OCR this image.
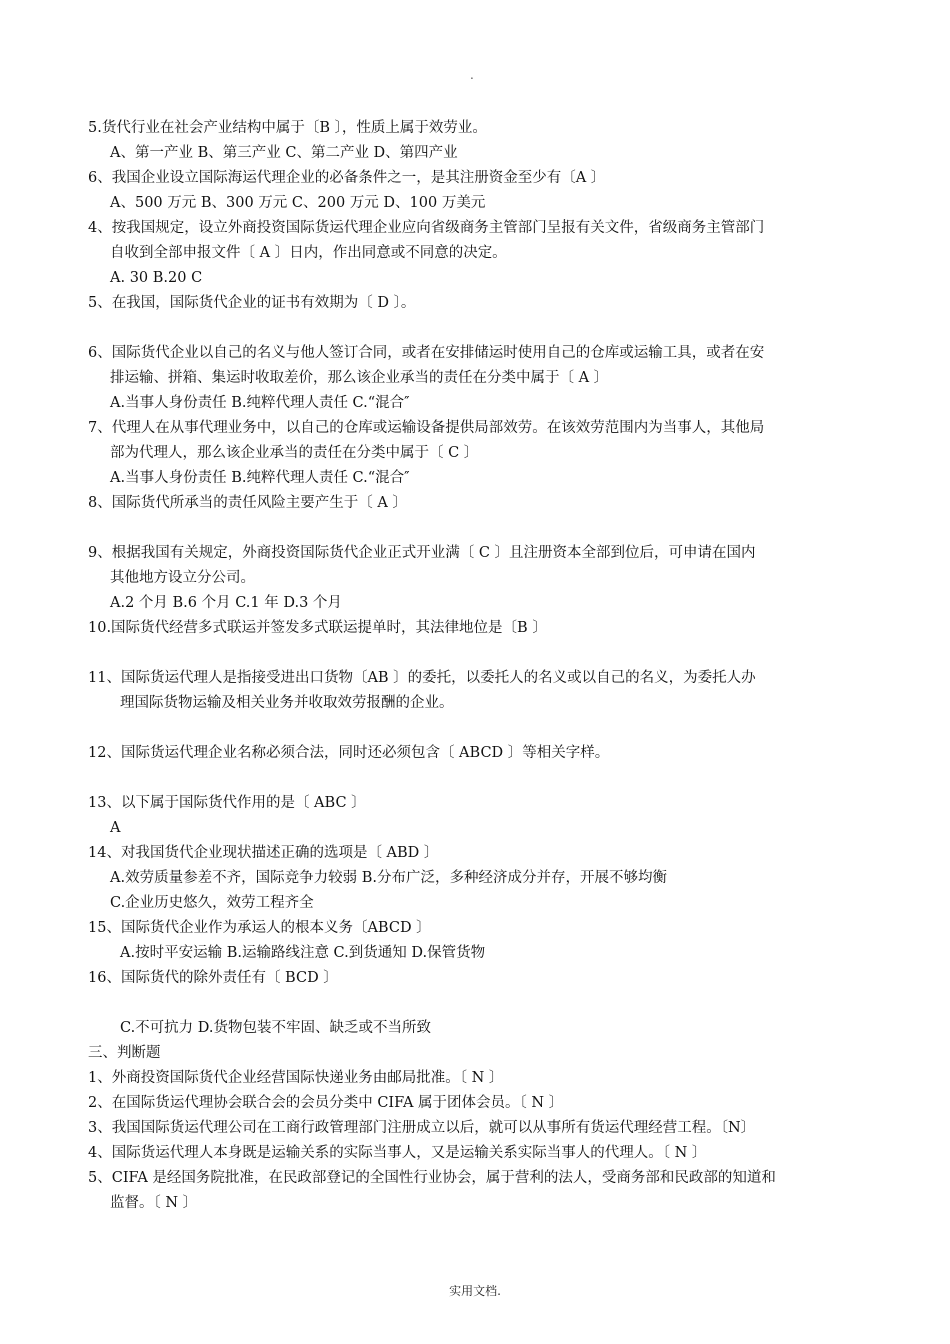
.
5.货代行业在社会产业结构中属于〔B 〕，性质上属于效劳业。
A、第一产业 B、第三产业 C、第二产业 D、第四产业
6、我国企业设立国际海运代理企业的必备条件之一，是其注册资金至少有〔A 〕
A、500 万元 B、300 万元 C、200 万元 D、100 万美元
4、按我国规定，设立外商投资国际货运代理企业应向省级商务主管部门呈报有关文件，省级商务主管部门
自收到全部申报文件〔 A 〕日内，作出同意或不同意的决定。
A. 30 B.20 C
5、在我国，国际货代企业的证书有效期为〔 D 〕。
6、国际货代企业以自己的名义与他人签订合同，或者在安排储运时使用自己的仓库或运输工具，或者在安
排运输、拼箱、集运时收取差价，那么该企业承当的责任在分类中属于〔 A 〕
A.当事人身份责任 B.纯粹代理人责任 C.“混合″
7、代理人在从事代理业务中，以自己的仓库或运输设备提供局部效劳。在该效劳范围内为当事人，其他局
部为代理人，那么该企业承当的责任在分类中属于〔 C 〕
A.当事人身份责任 B.纯粹代理人责任 C.“混合″
8、国际货代所承当的责任风险主要产生于〔 A 〕
9、根据我国有关规定，外商投资国际货代企业正式开业满〔 C 〕且注册资本全部到位后，可申请在国内
其他地方设立分公司。
A.2 个月 B.6 个月 C.1 年 D.3 个月
10.国际货代经营多式联运并签发多式联运提单时，其法律地位是〔B 〕
11、国际货运代理人是指接受进出口货物〔AB 〕的委托，以委托人的名义或以自己的名义，为委托人办
理国际货物运输及相关业务并收取效劳报酬的企业。
12、国际货运代理企业名称必须合法，同时还必须包含〔 ABCD 〕等相关字样。
13、以下属于国际货代作用的是〔 ABC 〕
A
14、对我国货代企业现状描述正确的选项是〔 ABD 〕
A.效劳质量参差不齐，国际竞争力较弱 B.分布广泛，多种经济成分并存，开展不够均衡
C.企业历史悠久，效劳工程齐全
15、国际货代企业作为承运人的根本义务〔ABCD 〕
A.按时平安运输 B.运输路线注意 C.到货通知 D.保管货物
16、国际货代的除外责任有〔 BCD 〕
C.不可抗力 D.货物包装不牢固、缺乏或不当所致
三、判断题
1、外商投资国际货代企业经营国际快递业务由邮局批准。〔 N 〕
2、在国际货运代理协会联合会的会员分类中 CIFA 属于团体会员。〔 N 〕
3、我国国际货运代理公司在工商行政管理部门注册成立以后，就可以从事所有货运代理经营工程。〔N〕
4、国际货运代理人本身既是运输关系的实际当事人，又是运输关系实际当事人的代理人。〔 N 〕
5、CIFA 是经国务院批准，在民政部登记的全国性行业协会，属于营利的法人，受商务部和民政部的知道和
监督。〔 N 〕
实用文档.
